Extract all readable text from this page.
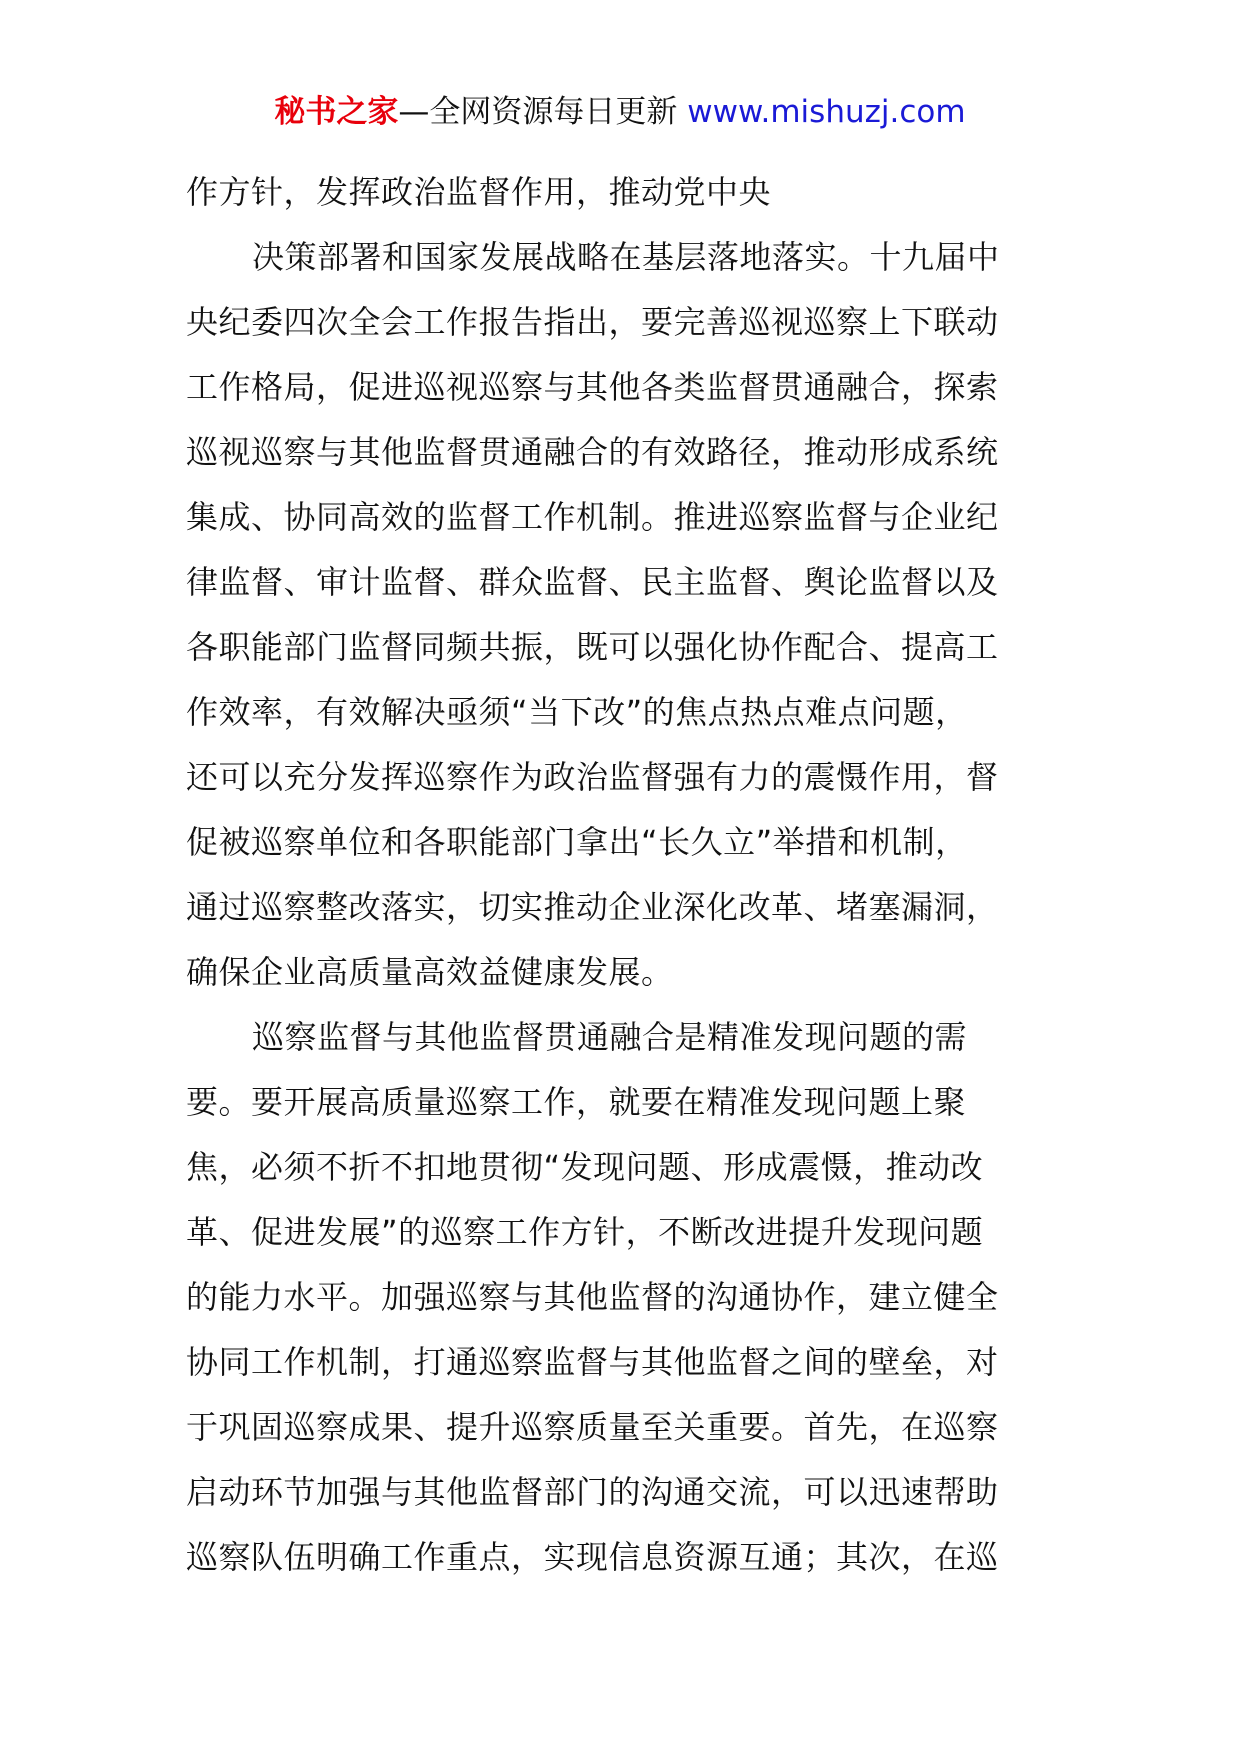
秘书之家—全网资源每日更新 www.mishuzj.com
作方针，发挥政治监督作用，推动党中央
决策部署和国家发展战略在基层落地落实。十九届中
央纪委四次全会工作报告指出，要完善巡视巡察上下联动
工作格局，促进巡视巡察与其他各类监督贯通融合，探索
巡视巡察与其他监督贯通融合的有效路径，推动形成系统
集成、协同高效的监督工作机制。推进巡察监督与企业纪
律监督、审计监督、群众监督、民主监督、舆论监督以及
各职能部门监督同频共振，既可以强化协作配合、提高工
作效率，有效解决亟须“当下改”的焦点热点难点问题，
还可以充分发挥巡察作为政治监督强有力的震慑作用，督
促被巡察单位和各职能部门拿出“长久立”举措和机制，
通过巡察整改落实，切实推动企业深化改革、堵塞漏洞，
确保企业高质量高效益健康发展。
巡察监督与其他监督贯通融合是精准发现问题的需
要。要开展高质量巡察工作，就要在精准发现问题上聚
焦，必须不折不扣地贯彻“发现问题、形成震慑，推动改
革、促进发展”的巡察工作方针，不断改进提升发现问题
的能力水平。加强巡察与其他监督的沟通协作，建立健全
协同工作机制，打通巡察监督与其他监督之间的壁垒，对
于巩固巡察成果、提升巡察质量至关重要。首先，在巡察
启动环节加强与其他监督部门的沟通交流，可以迅速帮助
巡察队伍明确工作重点，实现信息资源互通；其次，在巡
